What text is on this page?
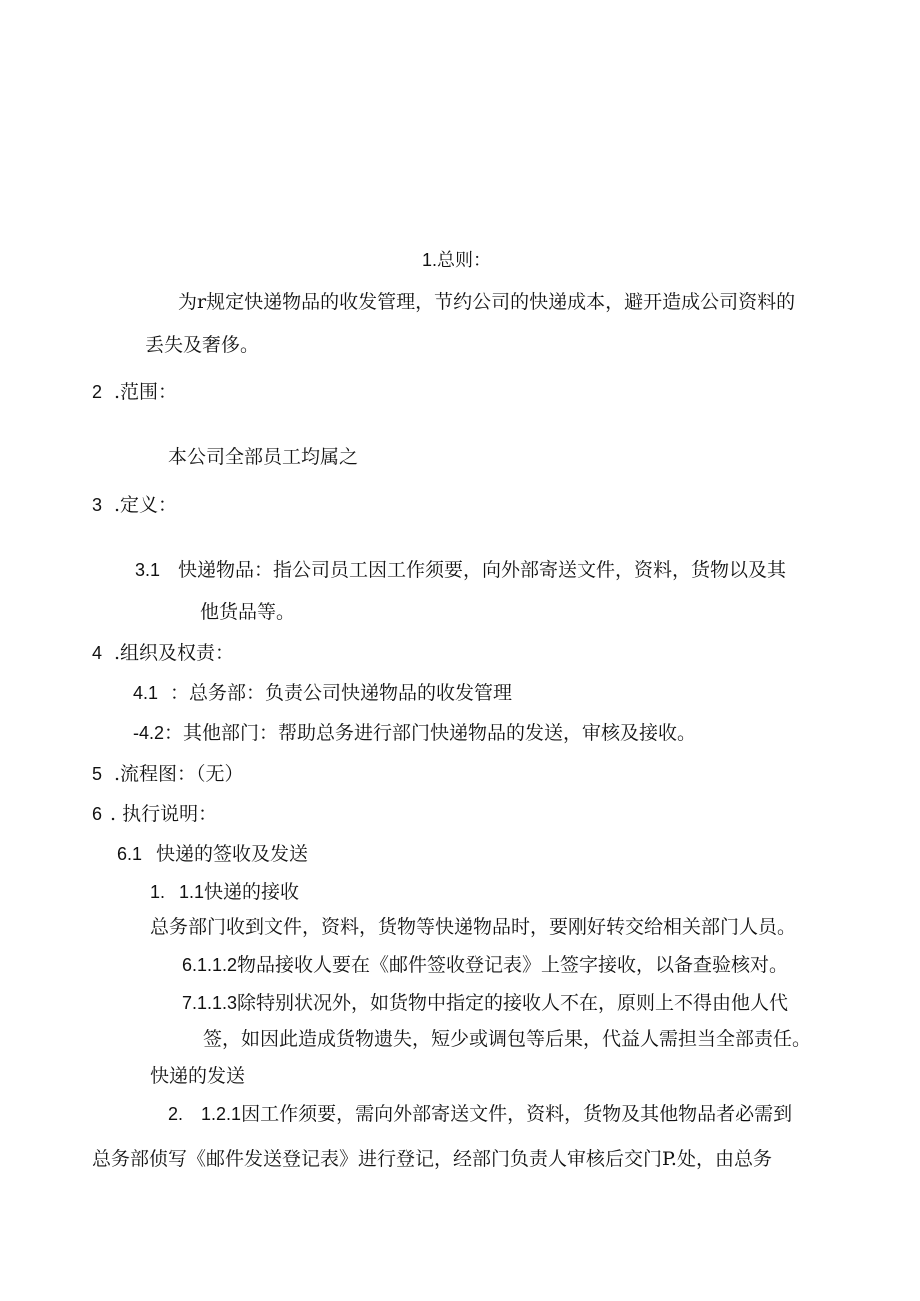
1.总则：
为r规定快递物品的收发管理，节约公司的快递成本，避开造成公司资料的
丢失及奢侈。
2 .范围：
本公司全部员工均属之
3 .定义：
3.1 快递物品：指公司员工因工作须要，向外部寄送文件，资料，货物以及其
他货品等。
4 .组织及权责：
4.1 ：总务部：负责公司快递物品的收发管理
-4.2：其他部门：帮助总务进行部门快递物品的发送，审核及接收。
5 .流程图：（无）
6 . 执行说明：
6.1 快递的签收及发送
1. 1.1快递的接收
总务部门收到文件，资料，货物等快递物品时，要刚好转交给相关部门人员。
6.1.1.2物品接收人要在《邮件签收登记表》上签字接收，以备查验核对。
7.1.1.3除特别状况外，如货物中指定的接收人不在，原则上不得由他人代
签，如因此造成货物遗失，短少或调包等后果，代益人需担当全部责任。
快递的发送
2. 1.2.1因工作须要，需向外部寄送文件，资料，货物及其他物品者必需到
总务部侦写《邮件发送登记表》进行登记，经部门负责人审核后交门P.处，由总务
